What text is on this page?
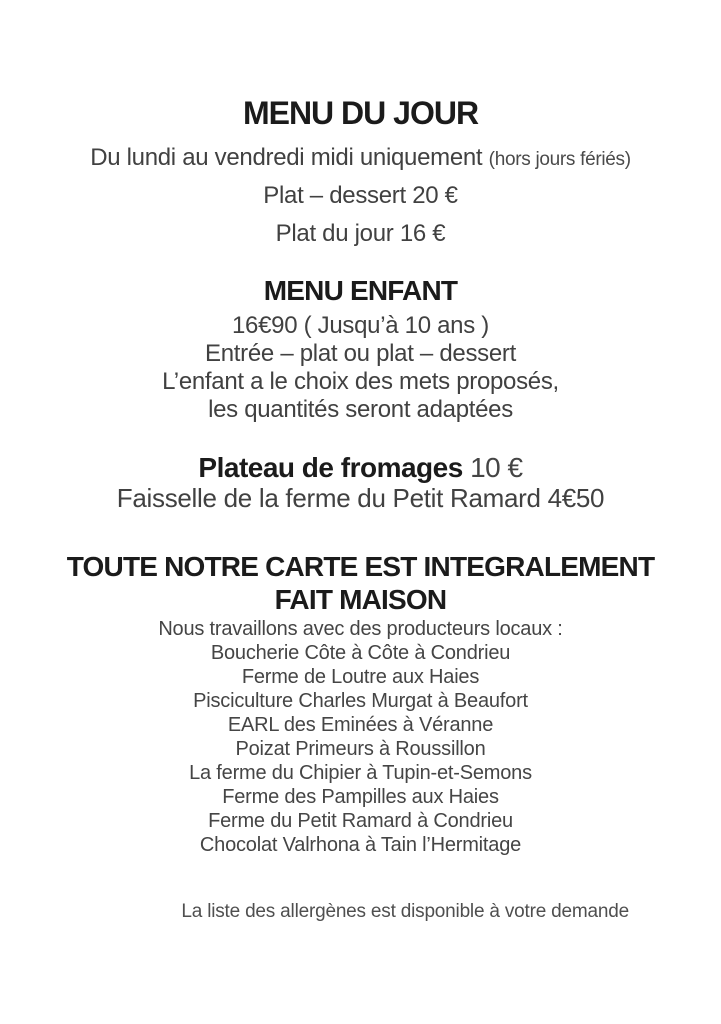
MENU DU JOUR
Du lundi au vendredi midi uniquement (hors jours fériés)
Plat – dessert 20 €
Plat du jour 16 €
MENU ENFANT
16€90 ( Jusqu’à 10 ans )
Entrée – plat ou plat – dessert
L’enfant a le choix des mets proposés,
les quantités seront adaptées
Plateau de fromages 10 €
Faisselle de la ferme du Petit Ramard 4€50
TOUTE NOTRE CARTE EST INTEGRALEMENT
FAIT MAISON
Nous travaillons avec des producteurs locaux :
Boucherie Côte à Côte à Condrieu
Ferme de Loutre aux Haies
Pisciculture Charles Murgat à Beaufort
EARL des Eminées à Véranne
Poizat Primeurs à Roussillon
La ferme du Chipier à Tupin-et-Semons
Ferme des Pampilles aux Haies
Ferme du Petit Ramard à Condrieu
Chocolat Valrhona à Tain l’Hermitage
La liste des allergènes est disponible à votre demande
